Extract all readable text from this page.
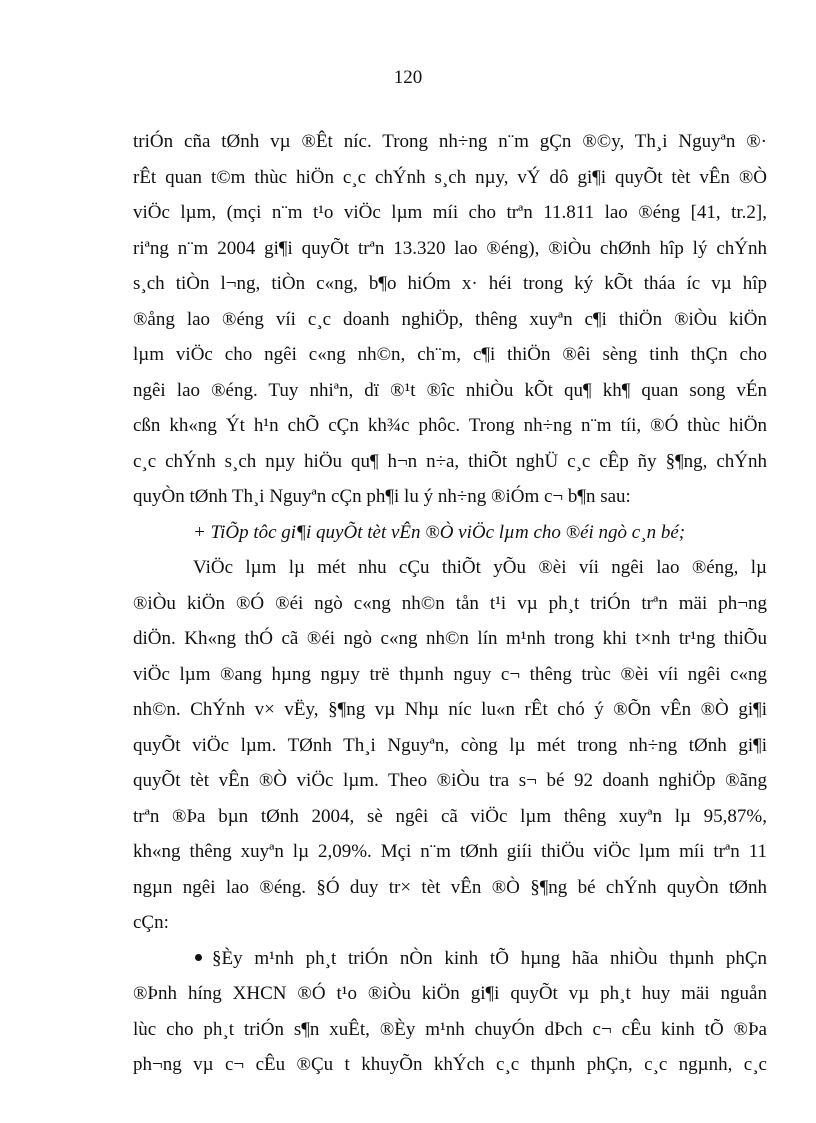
120
triÓn cña tØnh vµ ®Êt níc. Trong nh÷ng n¨m gÇn ®©y, Th¸i Nguyªn ®·
rÊt quan t©m thùc hiÖn c¸c chÝnh s¸ch nµy, vÝ dô gi¶i quyÕt tèt vÊn ®Ò
viÖc lµm, (mçi n¨m t¹o viÖc lµm míi cho trªn 11.811 lao ®éng [41, tr.2],
riªng n¨m 2004 gi¶i quyÕt trªn 13.320 lao ®éng), ®iÒu chØnh hîp lý chÝnh
s¸ch tiÒn l¬ng, tiÒn c«ng, b¶o hiÓm x· héi trong ký kÕt tháa íc vµ hîp
®ång lao ®éng víi c¸c doanh nghiÖp, thêng xuyªn c¶i thiÖn ®iÒu kiÖn
lµm viÖc cho ngêi c«ng nh©n, ch¨m, c¶i thiÖn ®êi sèng tinh thÇn cho
ngêi lao ®éng. Tuy nhiªn, dï ®¹t ®îc nhiÒu kÕt qu¶ kh¶ quan song vÉn
cßn kh«ng Ýt h¹n chÕ cÇn kh¾c phôc. Trong nh÷ng n¨m tíi, ®Ó thùc hiÖn
c¸c chÝnh s¸ch nµy hiÖu qu¶ h¬n n÷a, thiÕt nghÜ c¸c cÊp ñy §¶ng, chÝnh
quyÒn tØnh Th¸i Nguyªn cÇn ph¶i lu ý nh÷ng ®iÓm c¬ b¶n sau:
+ TiÕp tôc gi¶i quyÕt tèt vÊn ®Ò viÖc lµm cho ®éi ngò c¸n bé;
ViÖc lµm lµ mét nhu cÇu thiÕt yÕu ®èi víi ngêi lao ®éng, lµ
®iÒu kiÖn ®Ó ®éi ngò c«ng nh©n tån t¹i vµ ph¸t triÓn trªn mäi ph¬ng
diÖn. Kh«ng thÓ cã ®éi ngò c«ng nh©n lín m¹nh trong khi t×nh tr¹ng thiÕu
viÖc lµm ®ang hµng ngµy trë thµnh nguy c¬ thêng trùc ®èi víi ngêi c«ng
nh©n. ChÝnh v× vËy, §¶ng vµ Nhµ níc lu«n rÊt chó ý ®Õn vÊn ®Ò gi¶i
quyÕt viÖc lµm. TØnh Th¸i Nguyªn, còng lµ mét trong nh÷ng tØnh gi¶i
quyÕt tèt vÊn ®Ò viÖc lµm. Theo ®iÒu tra s¬ bé 92 doanh nghiÖp ®ãng
trªn ®Þa bµn tØnh 2004, sè ngêi cã viÖc lµm thêng xuyªn lµ 95,87%,
kh«ng thêng xuyªn lµ 2,09%. Mçi n¨m tØnh giíi thiÖu viÖc lµm míi trªn 11
ngµn ngêi lao ®éng. §Ó duy tr× tèt vÊn ®Ò §¶ng bé chÝnh quyÒn tØnh
cÇn:
§Èy m¹nh ph¸t triÓn nÒn kinh tÕ hµng hãa nhiÒu thµnh phÇn
®Þnh híng XHCN ®Ó t¹o ®iÒu kiÖn gi¶i quyÕt vµ ph¸t huy mäi nguån
lùc cho ph¸t triÓn s¶n xuÊt, ®Èy m¹nh chuyÓn dÞch c¬ cÊu kinh tÕ ®Þa
ph¬ng vµ c¬ cÊu ®Çu t khuyÕn khÝch c¸c thµnh phÇn, c¸c ngµnh, c¸c
